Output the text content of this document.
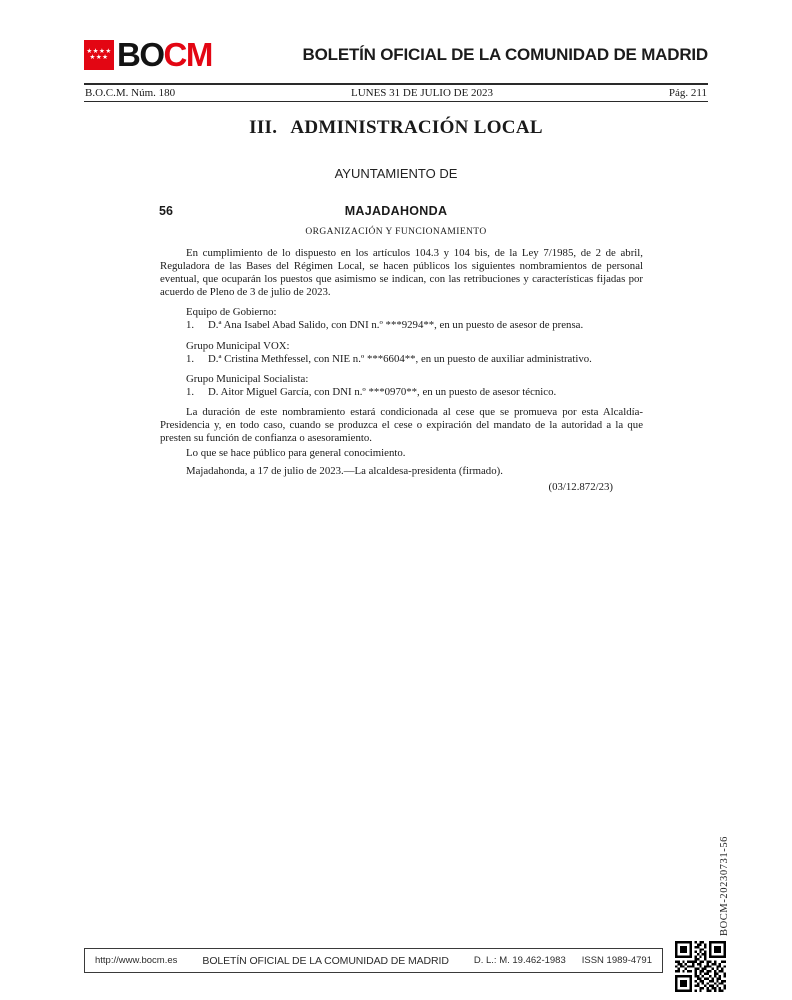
★★★★
★★★ BOCM	BOLETÍN OFICIAL DE LA COMUNIDAD DE MADRID
B.O.C.M. Núm. 180	LUNES 31 DE JULIO DE 2023	Pág. 211
III. ADMINISTRACIÓN LOCAL
AYUNTAMIENTO DE
56	MAJADAHONDA
ORGANIZACIÓN Y FUNCIONAMIENTO

En cumplimiento de lo dispuesto en los artículos 104.3 y 104 bis, de la Ley 7/1985, de 2 de abril, Reguladora de las Bases del Régimen Local, se hacen públicos los siguientes nombramientos de personal eventual, que ocuparán los puestos que asimismo se indican, con las retribuciones y características fijadas por acuerdo de Pleno de 3 de julio de 2023.

Equipo de Gobierno:

1. D.ª Ana Isabel Abad Salido, con DNI n.º ***9294**, en un puesto de asesor de prensa.

Grupo Municipal VOX:

1. D.ª Cristina Methfessel, con NIE n.º ***6604**, en un puesto de auxiliar administrativo.

Grupo Municipal Socialista:

1. D. Aitor Miguel García, con DNI n.º ***0970**, en un puesto de asesor técnico.

La duración de este nombramiento estará condicionada al cese que se promueva por esta Alcaldía-Presidencia y, en todo caso, cuando se produzca el cese o expiración del mandato de la autoridad a la que presten su función de confianza o asesoramiento.

Lo que se hace público para general conocimiento.

Majadahonda, a 17 de julio de 2023.—La alcaldesa-presidenta (firmado).

(03/12.872/23)

BOCM-20230731-56
http://www.bocm.es	BOLETÍN OFICIAL DE LA COMUNIDAD DE MADRID	D. L.: M. 19.462-1983 ISSN 1989-4791
